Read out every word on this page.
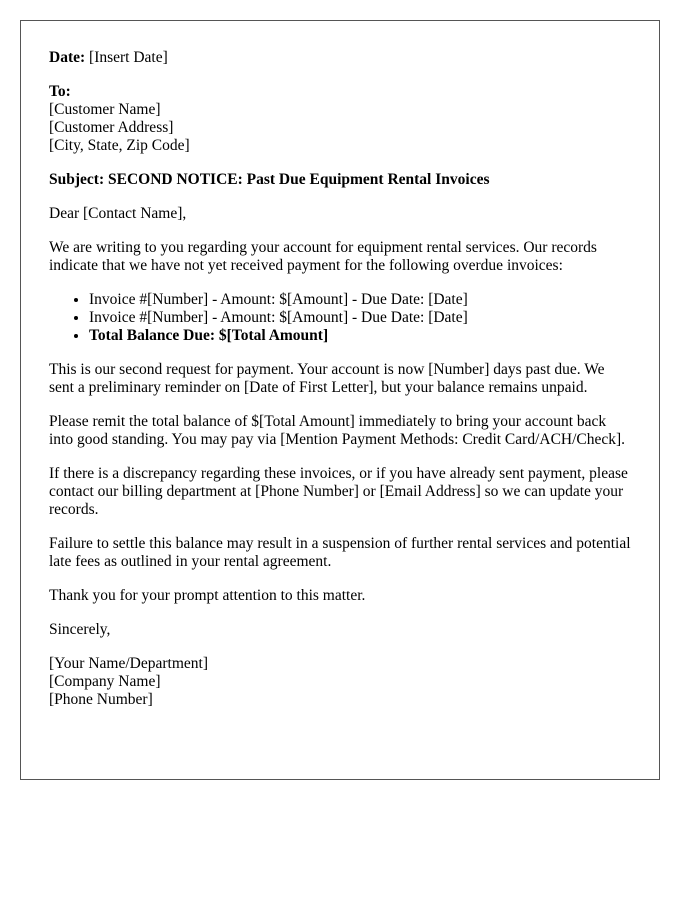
Date: [Insert Date]
To:
[Customer Name]
[Customer Address]
[City, State, Zip Code]
Subject: SECOND NOTICE: Past Due Equipment Rental Invoices

Dear [Contact Name],

We are writing to you regarding your account for equipment rental services. Our records indicate that we have not yet received payment for the following overdue invoices:

• Invoice #[Number] - Amount: $[Amount] - Due Date: [Date]
• Invoice #[Number] - Amount: $[Amount] - Due Date: [Date]
• Total Balance Due: $[Total Amount]

This is our second request for payment. Your account is now [Number] days past due. We sent a preliminary reminder on [Date of First Letter], but your balance remains unpaid.

Please remit the total balance of $[Total Amount] immediately to bring your account back into good standing. You may pay via [Mention Payment Methods: Credit Card/ACH/Check].

If there is a discrepancy regarding these invoices, or if you have already sent payment, please contact our billing department at [Phone Number] or [Email Address] so we can update your records.

Failure to settle this balance may result in a suspension of further rental services and potential late fees as outlined in your rental agreement.

Thank you for your prompt attention to this matter.

Sincerely,

[Your Name/Department]
[Company Name]
[Phone Number]
